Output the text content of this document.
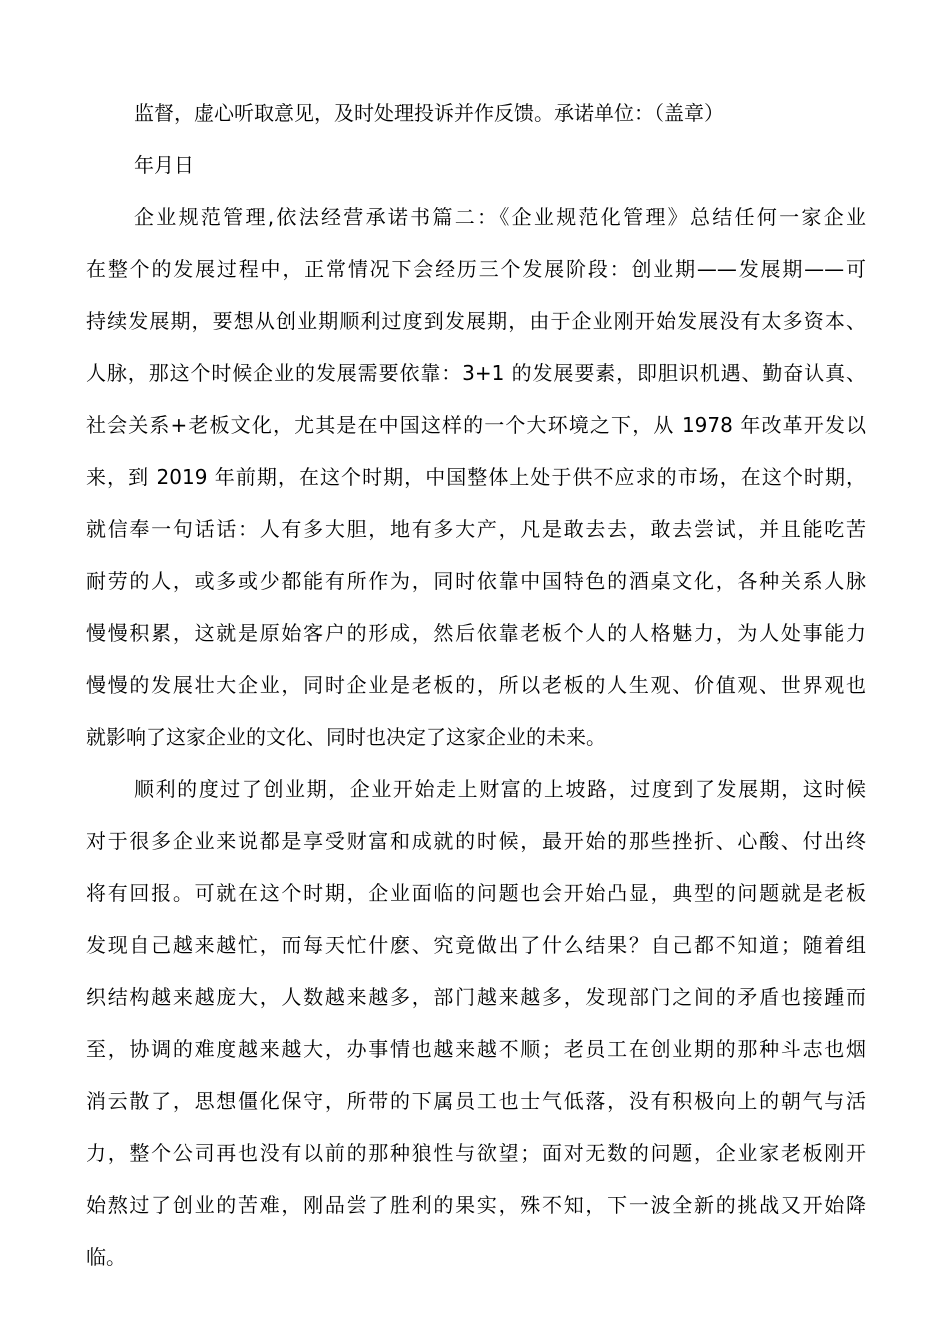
监督，虚心听取意见，及时处理投诉并作反馈。承诺单位：（盖章）
年月日
企业规范管理,依法经营承诺书篇二：《企业规范化管理》总结任何一家企业
在整个的发展过程中，正常情况下会经历三个发展阶段：创业期——发展期——可
持续发展期，要想从创业期顺利过度到发展期，由于企业刚开始发展没有太多资本、
人脉，那这个时候企业的发展需要依靠：3+1 的发展要素，即胆识机遇、勤奋认真、
社会关系+老板文化，尤其是在中国这样的一个大环境之下，从 1978 年改革开发以
来，到 2019 年前期，在这个时期，中国整体上处于供不应求的市场，在这个时期，
就信奉一句话话：人有多大胆，地有多大产，凡是敢去去，敢去尝试，并且能吃苦
耐劳的人，或多或少都能有所作为，同时依靠中国特色的酒桌文化，各种关系人脉
慢慢积累，这就是原始客户的形成，然后依靠老板个人的人格魅力，为人处事能力
慢慢的发展壮大企业，同时企业是老板的，所以老板的人生观、价值观、世界观也
就影响了这家企业的文化、同时也决定了这家企业的未来。
顺利的度过了创业期，企业开始走上财富的上坡路，过度到了发展期，这时候
对于很多企业来说都是享受财富和成就的时候，最开始的那些挫折、心酸、付出终
将有回报。可就在这个时期，企业面临的问题也会开始凸显，典型的问题就是老板
发现自己越来越忙，而每天忙什麽、究竟做出了什么结果？自己都不知道；随着组
织结构越来越庞大，人数越来越多，部门越来越多，发现部门之间的矛盾也接踵而
至，协调的难度越来越大，办事情也越来越不顺；老员工在创业期的那种斗志也烟
消云散了，思想僵化保守，所带的下属员工也士气低落，没有积极向上的朝气与活
力，整个公司再也没有以前的那种狼性与欲望；面对无数的问题，企业家老板刚开
始熬过了创业的苦难，刚品尝了胜利的果实，殊不知，下一波全新的挑战又开始降
临。
